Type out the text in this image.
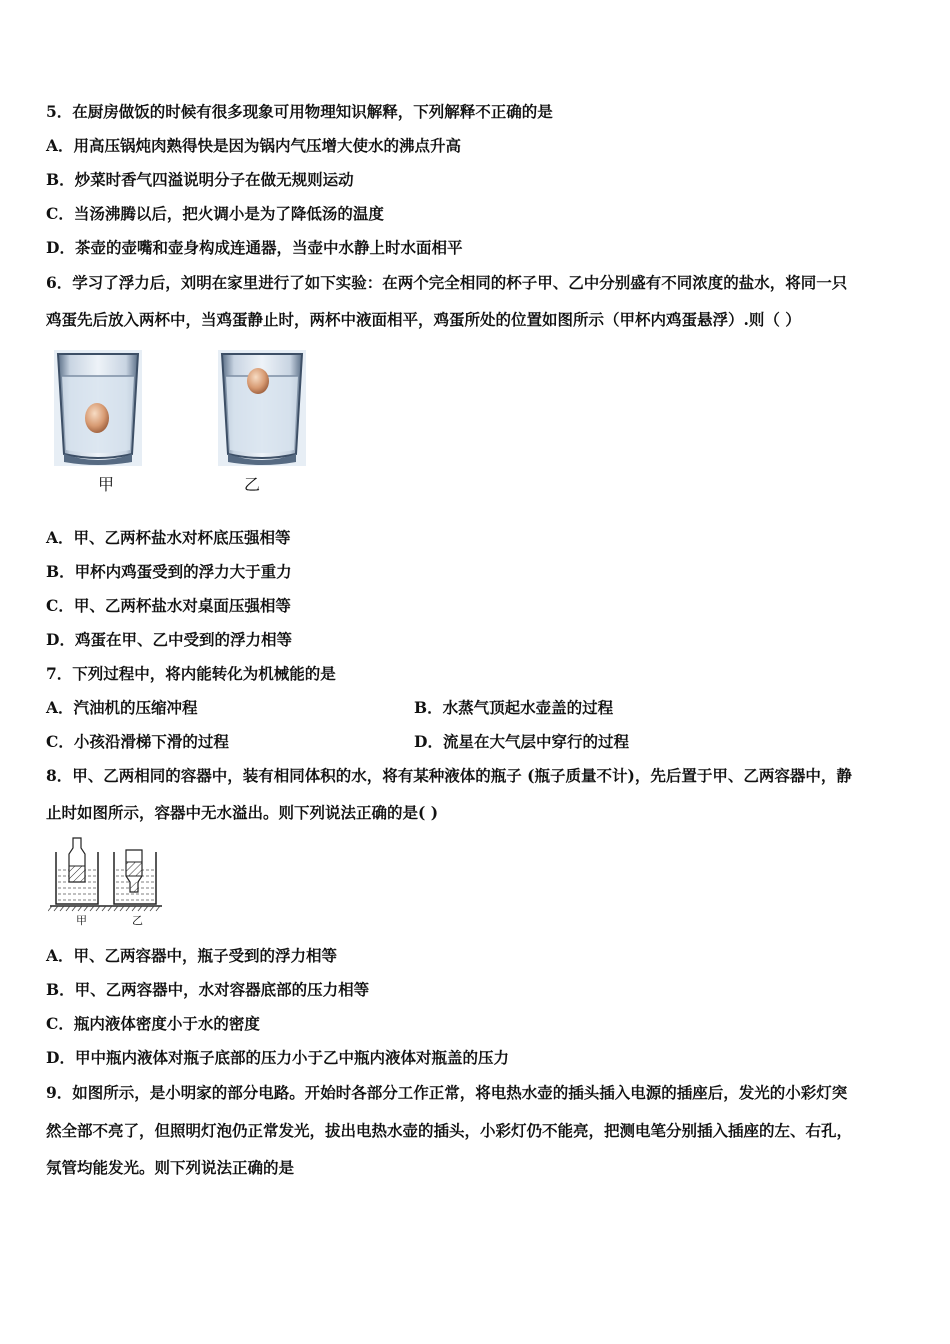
5．在厨房做饭的时候有很多现象可用物理知识解释，下列解释不正确的是
A．用高压锅炖肉熟得快是因为锅内气压增大使水的沸点升高
B．炒菜时香气四溢说明分子在做无规则运动
C．当汤沸腾以后，把火调小是为了降低汤的温度
D．茶壶的壶嘴和壶身构成连通器，当壶中水静上时水面相平
6．学习了浮力后，刘明在家里进行了如下实验：在两个完全相同的杯子甲、乙中分别盛有不同浓度的盐水，将同一只
鸡蛋先后放入两杯中，当鸡蛋静止时，两杯中液面相平，鸡蛋所处的位置如图所示（甲杯内鸡蛋悬浮）.则（ ）
甲	乙
A．甲、乙两杯盐水对杯底压强相等
B．甲杯内鸡蛋受到的浮力大于重力
C．甲、乙两杯盐水对桌面压强相等
D．鸡蛋在甲、乙中受到的浮力相等
7．下列过程中，将内能转化为机械能的是
A．汽油机的压缩冲程	B．水蒸气顶起水壶盖的过程
C．小孩沿滑梯下滑的过程	D．流星在大气层中穿行的过程
8．甲、乙两相同的容器中，装有相同体积的水，将有某种液体的瓶子 (瓶子质量不计)，先后置于甲、乙两容器中，静
止时如图所示，容器中无水溢出。则下列说法正确的是( )
甲	乙
A．甲、乙两容器中，瓶子受到的浮力相等
B．甲、乙两容器中，水对容器底部的压力相等
C．瓶内液体密度小于水的密度
D．甲中瓶内液体对瓶子底部的压力小于乙中瓶内液体对瓶盖的压力
9．如图所示，是小明家的部分电路。开始时各部分工作正常，将电热水壶的插头插入电源的插座后，发光的小彩灯突
然全部不亮了，但照明灯泡仍正常发光，拔出电热水壶的插头，小彩灯仍不能亮，把测电笔分别插入插座的左、右孔，
氖管均能发光。则下列说法正确的是
